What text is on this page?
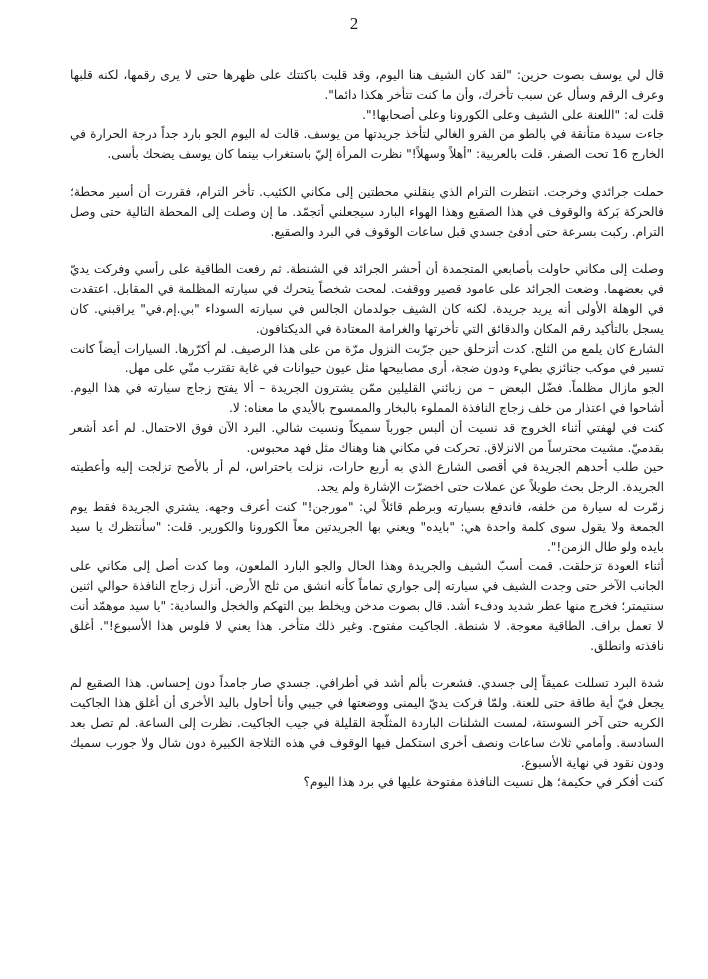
2

قال لي يوسف بصوت حزين: "لقد كان الشيف هنا اليوم، وقد قلبت باكتتك على ظهرها حتى لا يرى رقمها، لكنه قلبها وعرف الرقم وسأل عن سبب تأخرك، وأن ما كنت تتأخر هكذا دائما".

قلت له: "اللعنة على الشيف وعلى الكورونا وعلى أصحابها!".

جاءت سيدة متأنقة في بالطو من الفرو الغالي لتأخذ جريدتها من يوسف. قالت له اليوم الجو بارد جداً درجة الحرارة في الخارج 16 تحت الصفر. قلت بالعربية: "أهلاً وسهلاً!" نظرت المرأة إليّ باستغراب بينما كان يوسف يضحك بأسى.

حملت جرائدي وخرجت. انتظرت الترام الذي ينقلني محطتين إلى مكاني الكئيب. تأخر الترام، فقررت أن أسير محطة؛ فالحركة بَركة والوقوف في هذا الصقيع وهذا الهواء البارد سيجعلني أتجمّد. ما إن وصلت إلى المحطة التالية حتى وصل الترام. ركبت بسرعة حتى أدفئ جسدي قبل ساعات الوقوف في البرد والصقيع.

وصلت إلى مكاني حاولت بأصابعي المتجمدة أن أحشر الجرائد في الشنطة. ثم رفعت الطاقية على رأسي وفركت يديّ في بعضهما. وضعت الجرائد على عامود قصير ووقفت. لمحت شخصاً يتحرك في سيارته المظلمة في المقابل. اعتقدت في الوهلة الأولى أنه يريد جريدة. لكنه كان الشيف جولدمان الجالس في سيارته السوداء "بي.إم.في" يراقبني. كان يسجل بالتأكيد رقم المكان والدقائق التي تأخرتها والغرامة المعتادة في الديكتافون.

الشارع كان يلمع من الثلج. كدت أتزحلق حين جرّبت النزول مرّة من على هذا الرصيف. لم أكرّرها. السيارات أيضاً كانت تسير في موكب جنائزي بطيء ودون ضجة، أرى مصابيحها مثل عيون حيوانات في غاية تقترب منّي على مهل.

الجو مازال مظلماً. فضّل البعض – من زبائني القليلين ممّن يشترون الجريدة – ألا يفتح زجاج سيارته في هذا اليوم. أشاحوا في اعتذار من خلف زجاج النافذة المملوء بالبخار والممسوح بالأيدي ما معناه: لا.

كنت في لهفتي أثناء الخروج قد نسيت أن ألبس جورباً سميكاً ونسيت شالي. البرد الآن فوق الاحتمال. لم أعد أشعر بقدميّ. مشيت محترساً من الانزلاق. تحركت في مكاني هنا وهناك مثل فهد محبوس.

حين طلب أحدهم الجريدة في أقصى الشارع الذي به أربع حارات، نزلت باحتراس، لم أر بالأصح تزلجت إليه وأعطيته الجريدة. الرجل بحث طويلاً عن عملات حتى اخضرّت الإشارة ولم يجد.

زمّرت له سيارة من خلفه، فاندفع بسيارته وبرطم قائلاً لي: "مورجن!" كنت أعرف وجهه. يشتري الجريدة فقط يوم الجمعة ولا يقول سوى كلمة واحدة هي: "بايده" ويعني بها الجريدتين معاً الكورونا والكورير. قلت: "سأنتظرك يا سيد بايده ولو طال الزمن!".

أثناء العودة تزحلقت. قمت أسبّ الشيف والجريدة وهذا الحال والجو البارد الملعون، وما كدت أصل إلى مكاني على الجانب الآخر حتى وجدت الشيف في سيارته إلى جواري تماماً كأنه انشق من ثلج الأرض. أنزل زجاج النافذة حوالي اثنين سنتيمتر؛ فخرج منها عطر شديد ودفء أشد. قال بصوت مدخن ويخلط بين التهكم والخجل والسادية: "يا سيد موهمّد أنت لا تعمل براف. الطاقية معوجة. لا شنطة. الجاكيت مفتوح. وغير ذلك متأخر. هذا يعني لا فلوس هذا الأسبوع!". أغلق نافذته وانطلق.

شدة البرد تسللت عميقاً إلى جسدي. فشعرت بألم أشد في أطرافي. جسدي صار جامداً دون إحساس. هذا الصقيع لم يجعل فيّ أية طاقة حتى للعنة. ولمّا فركت يديّ اليمنى ووضعتها في جيبي وأنا أحاول باليد الأخرى أن أغلق هذا الجاكيت الكريه حتى آخر السوستة، لمست الشلنات الباردة المثلّجة القليلة في جيب الجاكيت. نظرت إلى الساعة. لم تصل بعد السادسة. وأمامي ثلاث ساعات ونصف أخرى استكمل فيها الوقوف في هذه الثلاجة الكبيرة دون شال ولا جورب سميك ودون نقود في نهاية الأسبوع.

كنت أفكر في حكيمة؛ هل نسيت النافذة مفتوحة عليها في برد هذا اليوم؟
